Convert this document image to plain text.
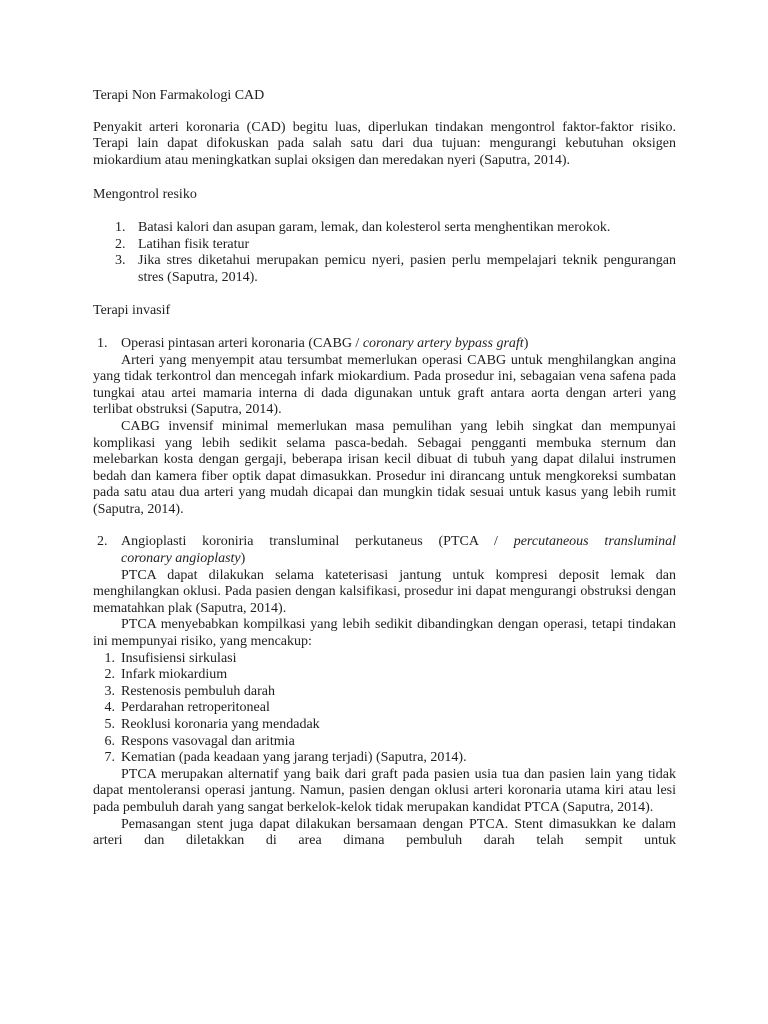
Terapi Non Farmakologi CAD

Penyakit arteri koronaria (CAD) begitu luas, diperlukan tindakan mengontrol faktor-faktor risiko. Terapi lain dapat difokuskan pada salah satu dari dua tujuan: mengurangi kebutuhan oksigen miokardium atau meningkatkan suplai oksigen dan meredakan nyeri (Saputra, 2014).

Mengontrol resiko

1. Batasi kalori dan asupan garam, lemak, dan kolesterol serta menghentikan merokok.
2. Latihan fisik teratur
3. Jika stres diketahui merupakan pemicu nyeri, pasien perlu mempelajari teknik pengurangan stres (Saputra, 2014).

Terapi invasif

1. Operasi pintasan arteri koronaria (CABG / coronary artery bypass graft)

Arteri yang menyempit atau tersumbat memerlukan operasi CABG untuk menghilangkan angina yang tidak terkontrol dan mencegah infark miokardium. Pada prosedur ini, sebagaian vena safena pada tungkai atau artei mamaria interna di dada digunakan untuk graft antara aorta dengan arteri yang terlibat obstruksi (Saputra, 2014).

CABG invensif minimal memerlukan masa pemulihan yang lebih singkat dan mempunyai komplikasi yang lebih sedikit selama pasca-bedah. Sebagai pengganti membuka sternum dan melebarkan kosta dengan gergaji, beberapa irisan kecil dibuat di tubuh yang dapat dilalui instrumen bedah dan kamera fiber optik dapat dimasukkan. Prosedur ini dirancang untuk mengkoreksi sumbatan pada satu atau dua arteri yang mudah dicapai dan mungkin tidak sesuai untuk kasus yang lebih rumit (Saputra, 2014).

2. Angioplasti koroniria transluminal perkutaneus (PTCA / percutaneous transluminal

coronary angioplasty)

PTCA dapat dilakukan selama kateterisasi jantung untuk kompresi deposit lemak dan menghilangkan oklusi. Pada pasien dengan kalsifikasi, prosedur ini dapat mengurangi obstruksi dengan mematahkan plak (Saputra, 2014).

PTCA menyebabkan kompilkasi yang lebih sedikit dibandingkan dengan operasi, tetapi tindakan ini mempunyai risiko, yang mencakup:

1. Insufisiensi sirkulasi
2. Infark miokardium
3. Restenosis pembuluh darah
4. Perdarahan retroperitoneal
5. Reoklusi koronaria yang mendadak
6. Respons vasovagal dan aritmia
7. Kematian (pada keadaan yang jarang terjadi) (Saputra, 2014).

PTCA merupakan alternatif yang baik dari graft pada pasien usia tua dan pasien lain yang tidak dapat mentoleransi operasi jantung. Namun, pasien dengan oklusi arteri koronaria utama kiri atau lesi pada pembuluh darah yang sangat berkelok-kelok tidak merupakan kandidat PTCA (Saputra, 2014).

Pemasangan stent juga dapat dilakukan bersamaan dengan PTCA. Stent dimasukkan ke dalam arteri dan diletakkan di area dimana pembuluh darah telah sempit untuk
